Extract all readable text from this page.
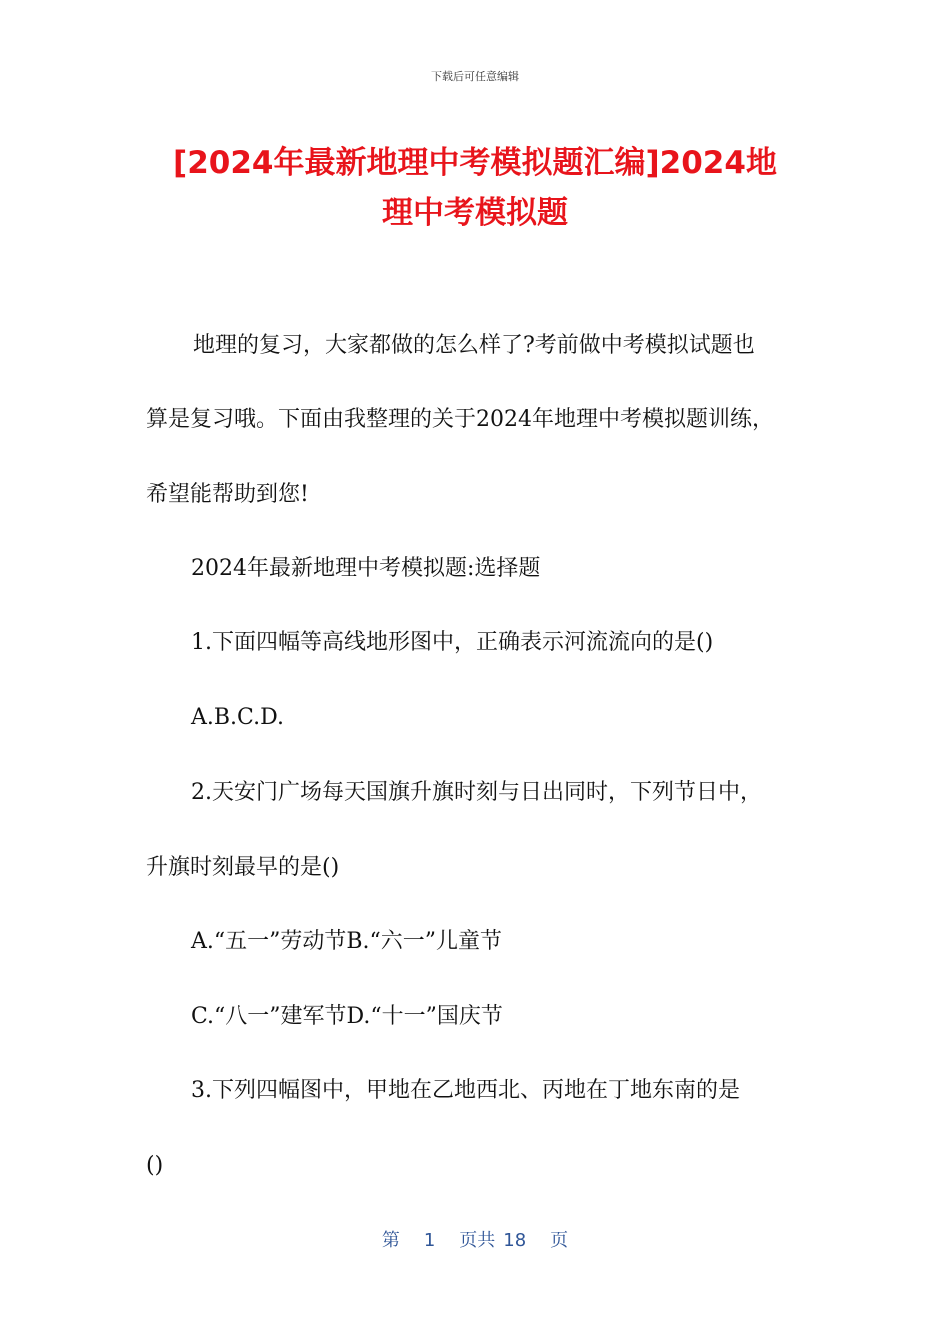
下载后可任意编辑
[2024年最新地理中考模拟题汇编]2024地
理中考模拟题
地理的复习，大家都做的怎么样了?考前做中考模拟试题也
算是复习哦。下面由我整理的关于2024年地理中考模拟题训练，
希望能帮助到您!
2024年最新地理中考模拟题:选择题
1.下面四幅等高线地形图中，正确表示河流流向的是()
A.B.C.D.
2.天安门广场每天国旗升旗时刻与日出同时，下列节日中，
升旗时刻最早的是()
A.“五一”劳动节B.“六一”儿童节
C.“八一”建军节D.“十一”国庆节
3.下列四幅图中，甲地在乙地西北、丙地在丁地东南的是
()
第 1 页共 18 页
